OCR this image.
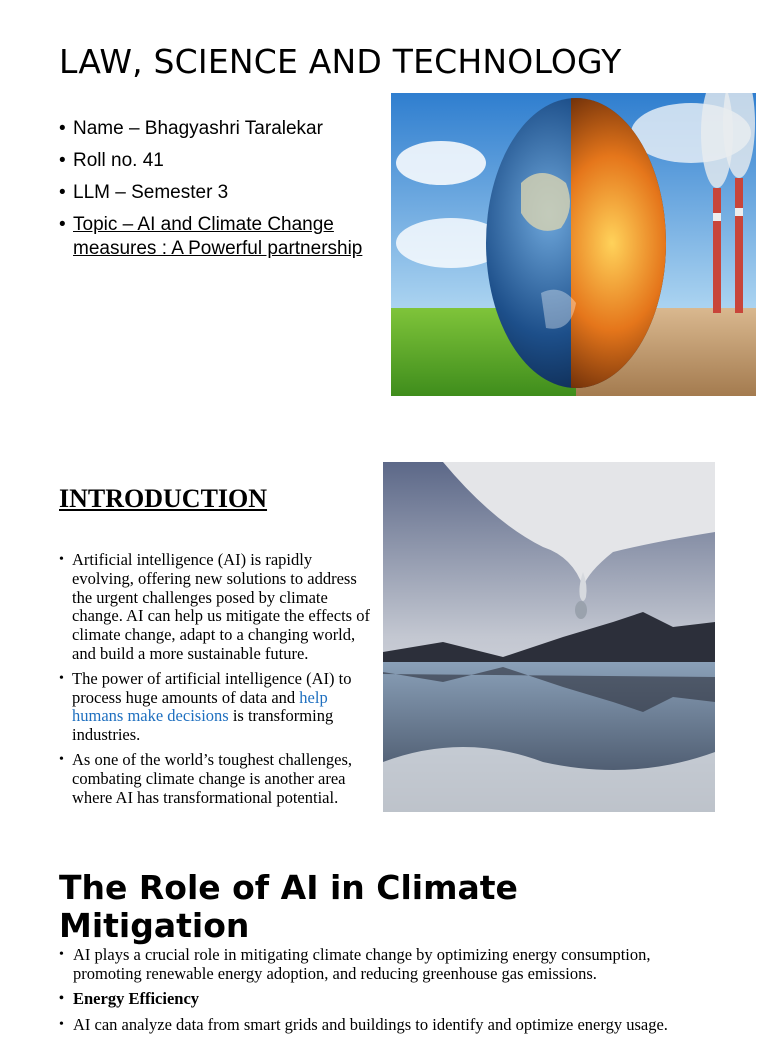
LAW, SCIENCE AND TECHNOLOGY
• Name – Bhagyashri Taralekar
• Roll no. 41
• LLM – Semester 3
• Topic – AI and Climate Change measures : A Powerful partnership
INTRODUCTION
• Artificial intelligence (AI) is rapidly evolving, offering new solutions to address the urgent challenges posed by climate change. AI can help us mitigate the effects of climate change, adapt to a changing world, and build a more sustainable future.
• The power of artificial intelligence (AI) to process huge amounts of data and help humans make decisions is transforming industries.
• As one of the world’s toughest challenges, combating climate change is another area where AI has transformational potential.
The Role of AI in Climate Mitigation
• AI plays a crucial role in mitigating climate change by optimizing energy consumption, promoting renewable energy adoption, and reducing greenhouse gas emissions.
• Energy Efficiency
• AI can analyze data from smart grids and buildings to identify and optimize energy usage.
